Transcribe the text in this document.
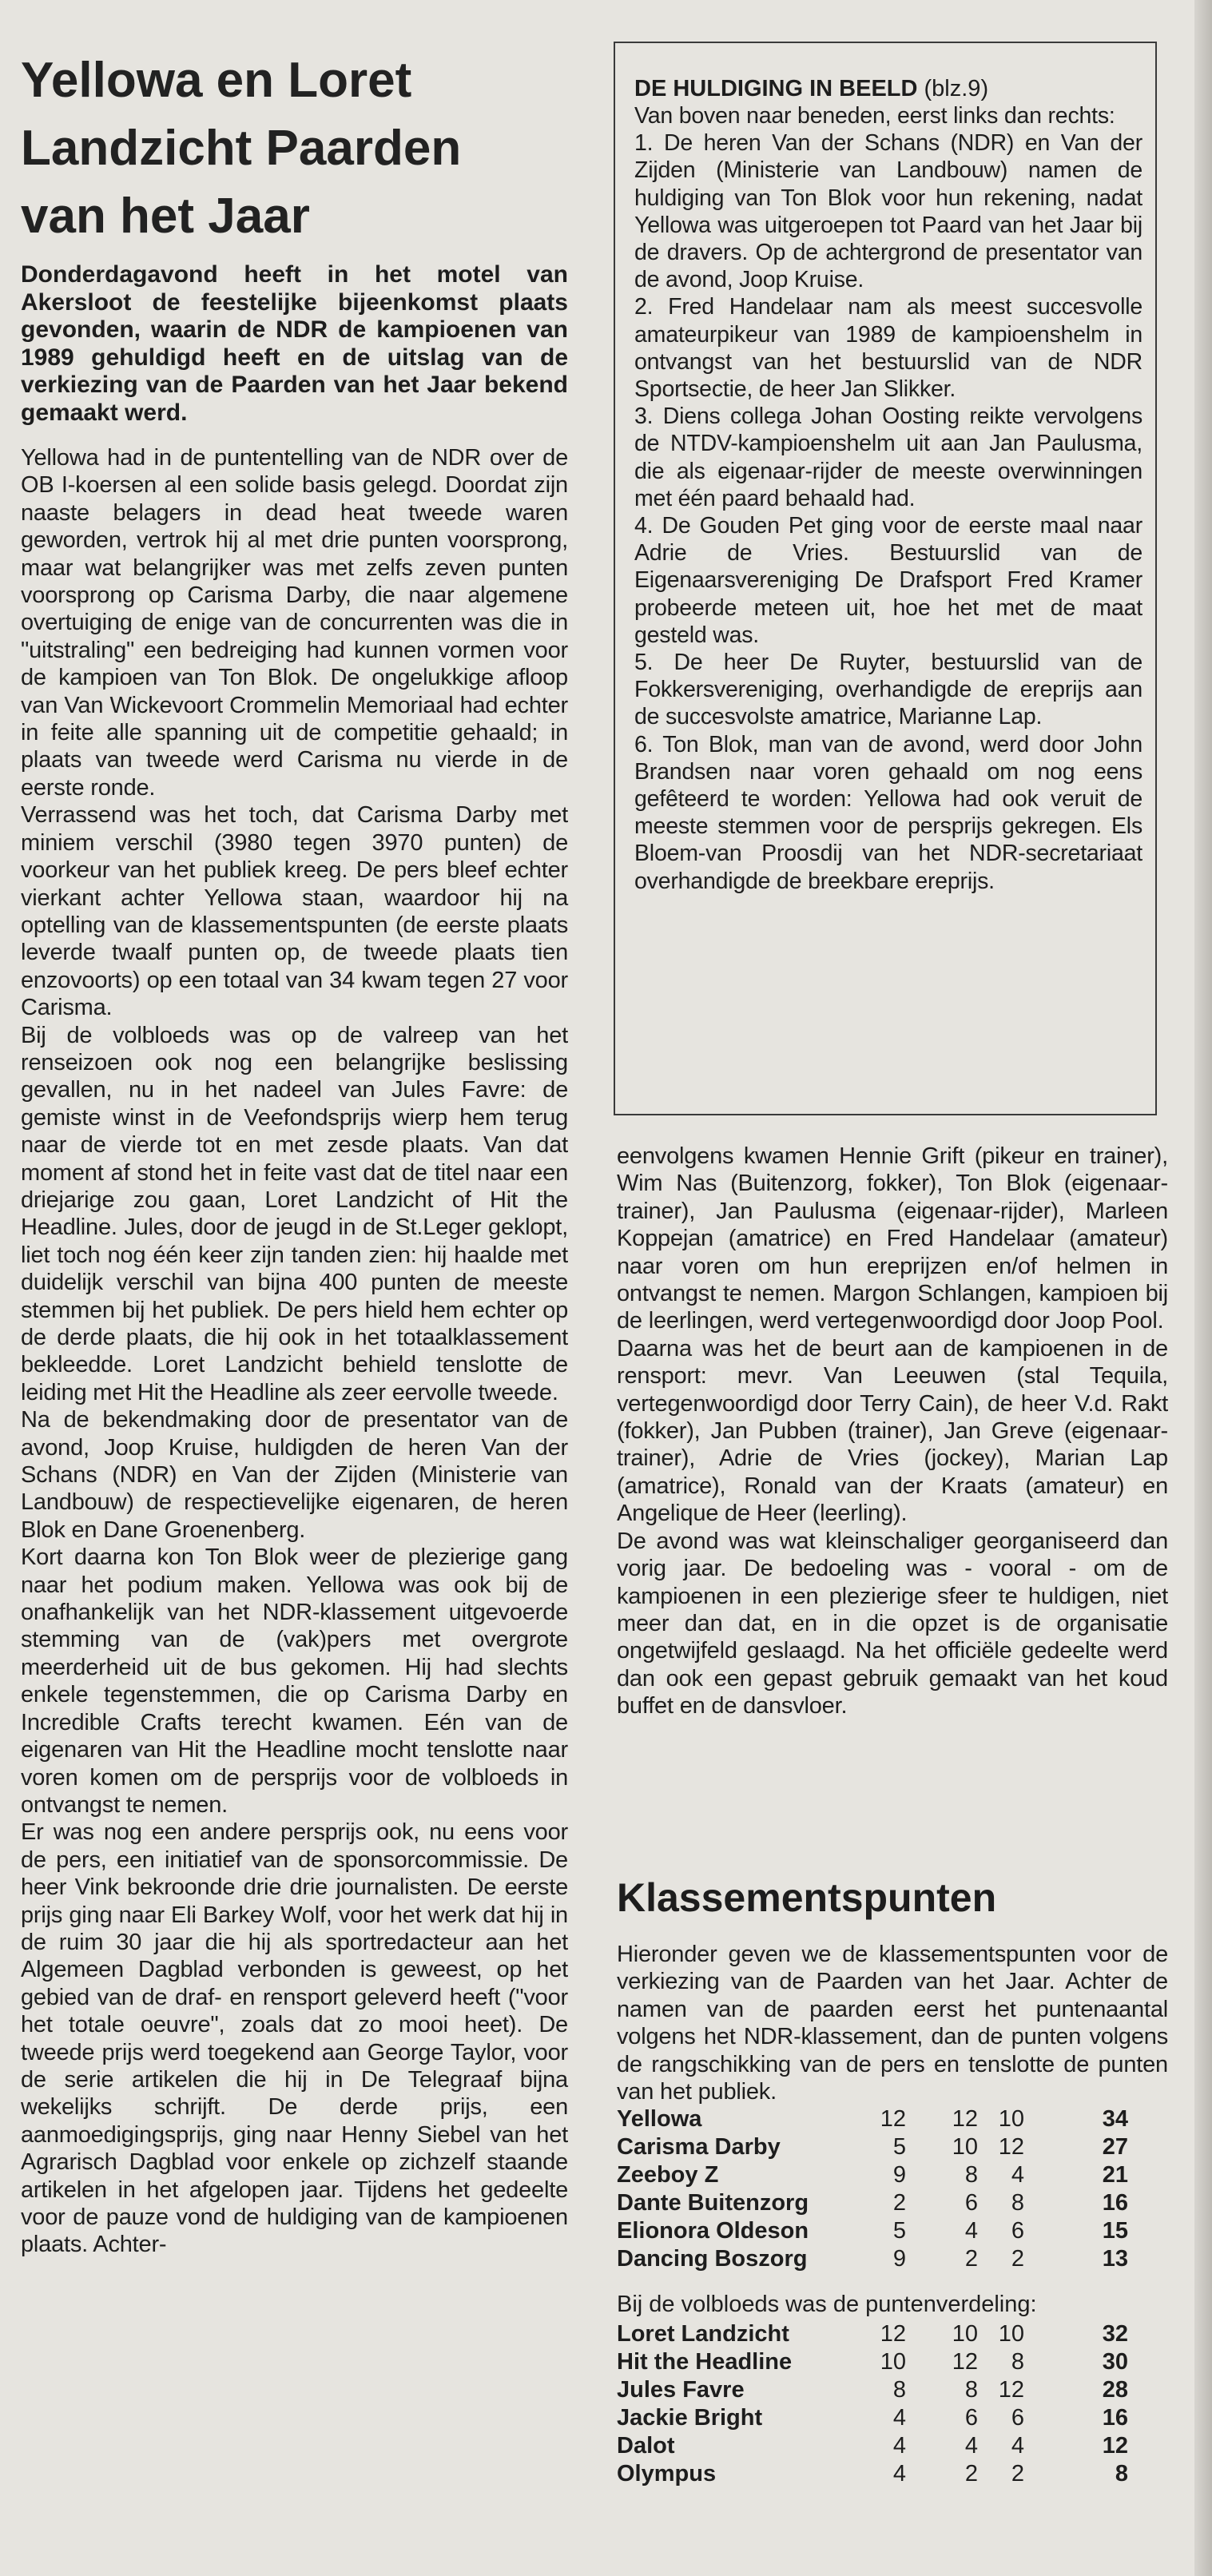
Yellowa en Loret
Landzicht Paarden
van het Jaar

Donderdagavond heeft in het motel van Akersloot de feestelijke bijeenkomst plaats gevonden, waarin de NDR de kampioenen van 1989 gehuldigd heeft en de uitslag van de verkiezing van de Paarden van het Jaar bekend gemaakt werd.

Yellowa had in de puntentelling van de NDR over de OB I-koersen al een solide basis gelegd. Doordat zijn naaste belagers in dead heat tweede waren geworden, vertrok hij al met drie punten voorsprong, maar wat belangrijker was met zelfs zeven punten voorsprong op Carisma Darby, die naar algemene overtuiging de enige van de concurrenten was die in "uitstraling" een bedreiging had kunnen vormen voor de kampioen van Ton Blok. De ongelukkige afloop van Van Wickevoort Crommelin Memoriaal had echter in feite alle spanning uit de competitie gehaald; in plaats van tweede werd Carisma nu vierde in de eerste ronde.

Verrassend was het toch, dat Carisma Darby met miniem verschil (3980 tegen 3970 punten) de voorkeur van het publiek kreeg. De pers bleef echter vierkant achter Yellowa staan, waardoor hij na optelling van de klassementspunten (de eerste plaats leverde twaalf punten op, de tweede plaats tien enzovoorts) op een totaal van 34 kwam tegen 27 voor Carisma.

Bij de volbloeds was op de valreep van het renseizoen ook nog een belangrijke beslissing gevallen, nu in het nadeel van Jules Favre: de gemiste winst in de Veefondsprijs wierp hem terug naar de vierde tot en met zesde plaats. Van dat moment af stond het in feite vast dat de titel naar een driejarige zou gaan, Loret Landzicht of Hit the Headline. Jules, door de jeugd in de St.Leger geklopt, liet toch nog één keer zijn tanden zien: hij haalde met duidelijk verschil van bijna 400 punten de meeste stemmen bij het publiek. De pers hield hem echter op de derde plaats, die hij ook in het totaalklassement bekleedde. Loret Landzicht behield tenslotte de leiding met Hit the Headline als zeer eervolle tweede.

Na de bekendmaking door de presentator van de avond, Joop Kruise, huldigden de heren Van der Schans (NDR) en Van der Zijden (Ministerie van Landbouw) de respectievelijke eigenaren, de heren Blok en Dane Groenenberg.

Kort daarna kon Ton Blok weer de plezierige gang naar het podium maken. Yellowa was ook bij de onafhankelijk van het NDR-klassement uitgevoerde stemming van de (vak)pers met overgrote meerderheid uit de bus gekomen. Hij had slechts enkele tegenstemmen, die op Carisma Darby en Incredible Crafts terecht kwamen. Eén van de eigenaren van Hit the Headline mocht tenslotte naar voren komen om de persprijs voor de volbloeds in ontvangst te nemen.

Er was nog een andere persprijs ook, nu eens voor de pers, een initiatief van de sponsorcommissie. De heer Vink bekroonde drie drie journalisten. De eerste prijs ging naar Eli Barkey Wolf, voor het werk dat hij in de ruim 30 jaar die hij als sportredacteur aan het Algemeen Dagblad verbonden is geweest, op het gebied van de draf- en rensport geleverd heeft ("voor het totale oeuvre", zoals dat zo mooi heet). De tweede prijs werd toegekend aan George Taylor, voor de serie artikelen die hij in De Telegraaf bijna wekelijks schrijft. De derde prijs, een aanmoedigingsprijs, ging naar Henny Siebel van het Agrarisch Dagblad voor enkele op zichzelf staande artikelen in het afgelopen jaar. Tijdens het gedeelte voor de pauze vond de huldiging van de kampioenen plaats. Achter-

DE HULDIGING IN BEELD (blz.9)

Van boven naar beneden, eerst links dan rechts:

1. De heren Van der Schans (NDR) en Van der Zijden (Ministerie van Landbouw) namen de huldiging van Ton Blok voor hun rekening, nadat Yellowa was uitgeroepen tot Paard van het Jaar bij de dravers. Op de achtergrond de presentator van de avond, Joop Kruise.

2. Fred Handelaar nam als meest succesvolle amateurpikeur van 1989 de kampioenshelm in ontvangst van het bestuurslid van de NDR Sportsectie, de heer Jan Slikker.

3. Diens collega Johan Oosting reikte vervolgens de NTDV-kampioenshelm uit aan Jan Paulusma, die als eigenaar-rijder de meeste overwinningen met één paard behaald had.

4. De Gouden Pet ging voor de eerste maal naar Adrie de Vries. Bestuurslid van de Eigenaarsvereniging De Drafsport Fred Kramer probeerde meteen uit, hoe het met de maat gesteld was.

5. De heer De Ruyter, bestuurslid van de Fokkersvereniging, overhandigde de ereprijs aan de succesvolste amatrice, Marianne Lap.

6. Ton Blok, man van de avond, werd door John Brandsen naar voren gehaald om nog eens gefêteerd te worden: Yellowa had ook veruit de meeste stemmen voor de persprijs gekregen. Els Bloem-van Proosdij van het NDR-secretariaat overhandigde de breekbare ereprijs.

eenvolgens kwamen Hennie Grift (pikeur en trainer), Wim Nas (Buitenzorg, fokker), Ton Blok (eigenaar-trainer), Jan Paulusma (eigenaar-rijder), Marleen Koppejan (amatrice) en Fred Handelaar (amateur) naar voren om hun ereprijzen en/of helmen in ontvangst te nemen. Margon Schlangen, kampioen bij de leerlingen, werd vertegenwoordigd door Joop Pool.

Daarna was het de beurt aan de kampioenen in de rensport: mevr. Van Leeuwen (stal Tequila, vertegenwoordigd door Terry Cain), de heer V.d. Rakt (fokker), Jan Pubben (trainer), Jan Greve (eigenaar-trainer), Adrie de Vries (jockey), Marian Lap (amatrice), Ronald van der Kraats (amateur) en Angelique de Heer (leerling).

De avond was wat kleinschaliger georganiseerd dan vorig jaar. De bedoeling was - vooral - om de kampioenen in een plezierige sfeer te huldigen, niet meer dan dat, en in die opzet is de organisatie ongetwijfeld geslaagd. Na het officiële gedeelte werd dan ook een gepast gebruik gemaakt van het koud buffet en de dansvloer.

Klassementspunten

Hieronder geven we de klassementspunten voor de verkiezing van de Paarden van het Jaar. Achter de namen van de paarden eerst het puntenaantal volgens het NDR-klassement, dan de punten volgens de rangschikking van de pers en tenslotte de punten van het publiek.

Yellowa	12	12	10	34
Carisma Darby	5	10	12	27
Zeeboy Z	9	8	4	21
Dante Buitenzorg	2	6	8	16
Elionora Oldeson	5	4	6	15
Dancing Boszorg	9	2	2	13
Bij de volbloeds was de puntenverdeling:
Loret Landzicht	12	10	10	32
Hit the Headline	10	12	8	30
Jules Favre	8	8	12	28
Jackie Bright	4	6	6	16
Dalot	4	4	4	12
Olympus	4	2	2	8
